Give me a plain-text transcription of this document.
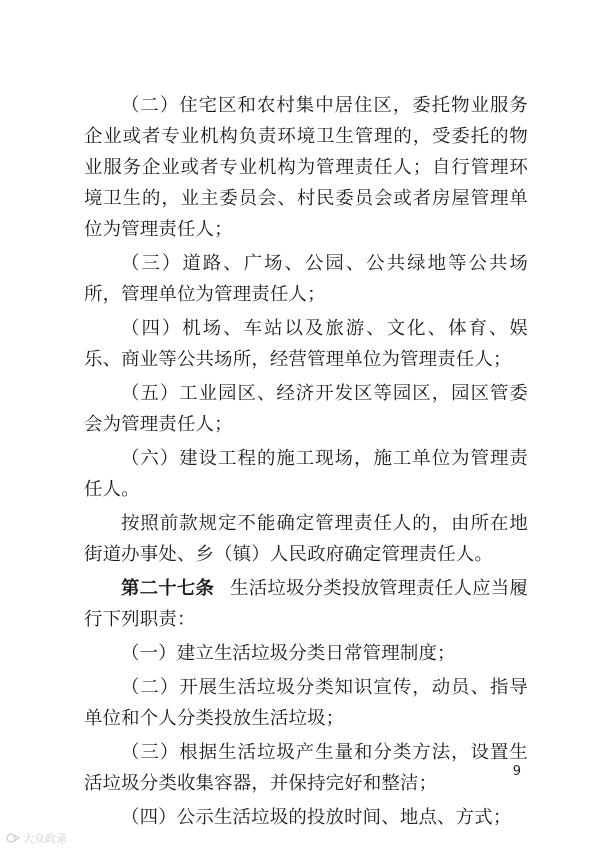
（二）住宅区和农村集中居住区，委托物业服务企业或者专业机构负责环境卫生管理的，受委托的物业服务企业或者专业机构为管理责任人；自行管理环境卫生的，业主委员会、村民委员会或者房屋管理单位为管理责任人；

（三）道路、广场、公园、公共绿地等公共场所，管理单位为管理责任人；

（四）机场、车站以及旅游、文化、体育、娱乐、商业等公共场所，经营管理单位为管理责任人；

（五）工业园区、经济开发区等园区，园区管委会为管理责任人；

（六）建设工程的施工现场，施工单位为管理责任人。

按照前款规定不能确定管理责任人的，由所在地街道办事处、乡（镇）人民政府确定管理责任人。

第二十七条 生活垃圾分类投放管理责任人应当履行下列职责：

（一）建立生活垃圾分类日常管理制度；

（二）开展生活垃圾分类知识宣传，动员、指导单位和个人分类投放生活垃圾；

（三）根据生活垃圾产生量和分类方法，设置生活垃圾分类收集容器，并保持完好和整洁；

（四）公示生活垃圾的投放时间、地点、方式；

9
大众政录
